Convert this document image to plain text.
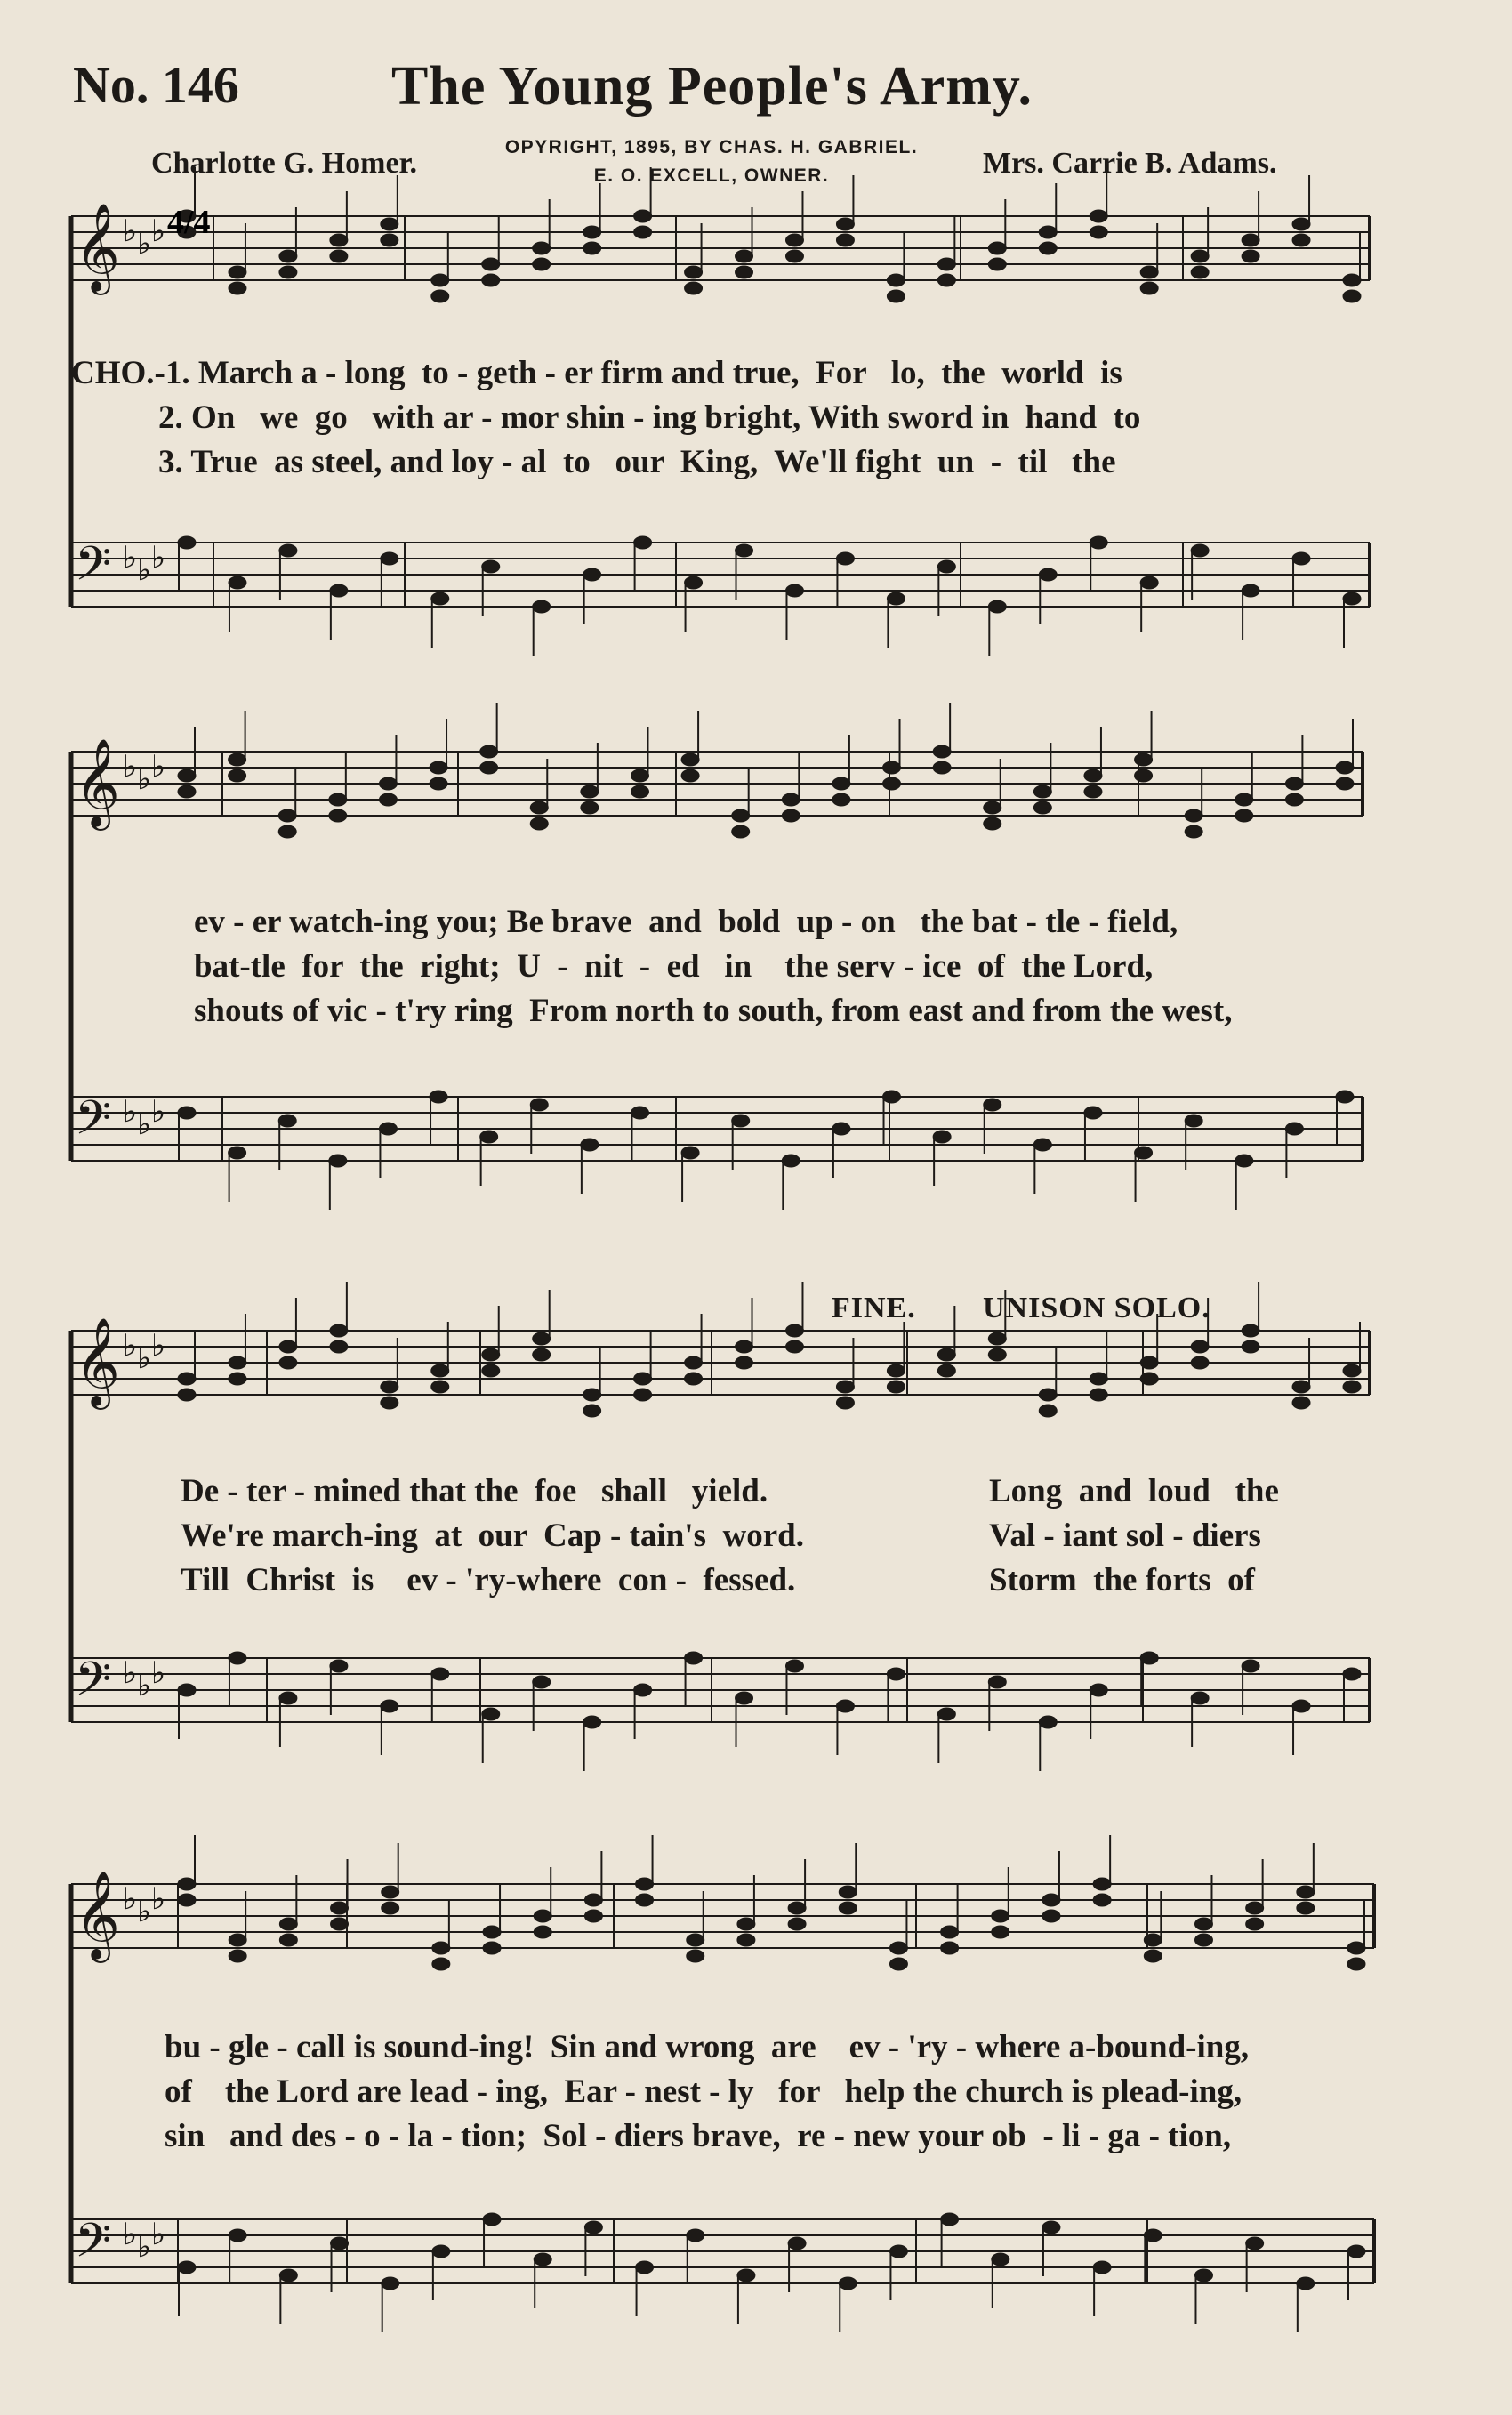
No. 146	The Young People's Army.
Charlotte G. Homer.	OPYRIGHT, 1895, BY CHAS. H. GABRIEL.
E. O. EXCELL, OWNER.	Mrs. Carrie B. Adams.
𝄞 ♭ ♭ ♭
𝄢 ♭ ♭ ♭
𝄞 ♭ ♭ ♭
𝄢 ♭ ♭ ♭
𝄞 ♭ ♭ ♭
𝄢 ♭ ♭ ♭
𝄞 ♭ ♭ ♭
𝄢 ♭ ♭ ♭
4/4
CHO.-1. March a - long  to - geth - er firm and true,  For   lo,  the  world  is
2. On   we  go   with ar - mor shin - ing bright, With sword in  hand  to
3. True  as steel, and loy - al  to   our  King,  We'll fight  un  -  til   the
ev - er watch-ing you; Be brave  and  bold  up - on   the bat - tle - field,
bat-tle  for  the  right;  U  -  nit  -  ed   in    the serv - ice  of  the Lord,
shouts of vic - t'ry ring  From north to south, from east and from the west,
FINE. UNISON SOLO.
De - ter - mined that the  foe   shall   yield.
We're march-ing  at  our  Cap - tain's  word.
Till  Christ  is    ev - 'ry-where  con -  fessed.
Long  and  loud   the
Val - iant sol - diers
Storm  the forts  of
bu - gle - call is sound-ing!  Sin and wrong  are    ev - 'ry - where a-bound-ing,
of    the Lord are lead - ing,  Ear - nest - ly   for   help the church is plead-ing,
sin   and des - o - la - tion;  Sol - diers brave,  re - new your ob  - li - ga - tion,
